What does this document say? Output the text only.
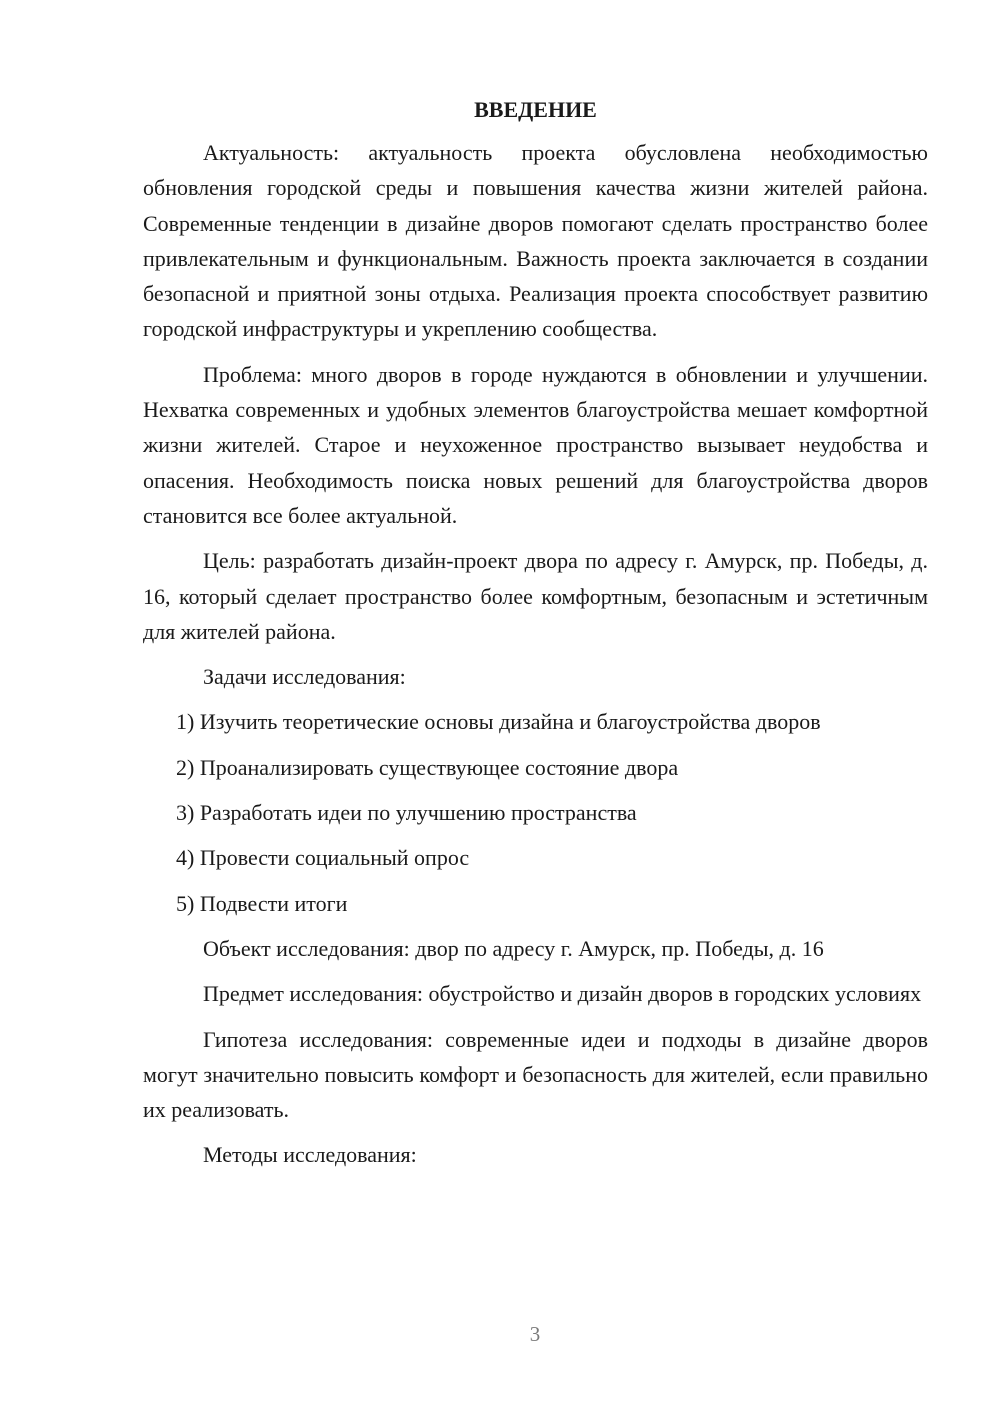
ВВЕДЕНИЕ

Актуальность: актуальность проекта обусловлена необходимостью обновления городской среды и повышения качества жизни жителей района. Современные тенденции в дизайне дворов помогают сделать пространство более привлекательным и функциональным. Важность проекта заключается в создании безопасной и приятной зоны отдыха. Реализация проекта способствует развитию городской инфраструктуры и укреплению сообщества.

Проблема: много дворов в городе нуждаются в обновлении и улучшении. Нехватка современных и удобных элементов благоустройства мешает комфортной жизни жителей. Старое и неухоженное пространство вызывает неудобства и опасения. Необходимость поиска новых решений для благоустройства дворов становится все более актуальной.

Цель: разработать дизайн-проект двора по адресу г. Амурск, пр. Победы, д. 16, который сделает пространство более комфортным, безопасным и эстетичным для жителей района.

Задачи исследования:

1) Изучить теоретические основы дизайна и благоустройства дворов

2) Проанализировать существующее состояние двора

3) Разработать идеи по улучшению пространства

4) Провести социальный опрос

5) Подвести итоги

Объект исследования: двор по адресу г. Амурск, пр. Победы, д. 16

Предмет исследования: обустройство и дизайн дворов в городских условиях

Гипотеза исследования: современные идеи и подходы в дизайне дворов могут значительно повысить комфорт и безопасность для жителей, если правильно их реализовать.

Методы исследования:

3
